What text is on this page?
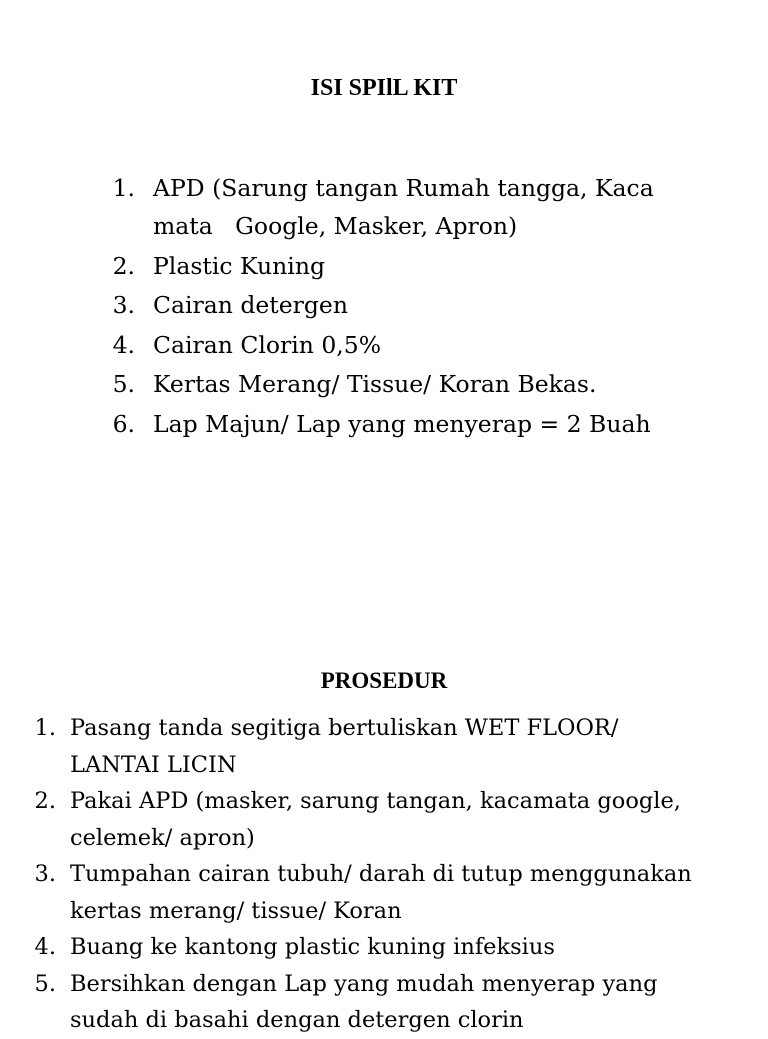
ISI SPIlL KIT
1. APD (Sarung tangan Rumah tangga, Kaca mata   Google, Masker, Apron)
2. Plastic Kuning
3. Cairan detergen
4. Cairan Clorin 0,5%
5. Kertas Merang/ Tissue/ Koran Bekas.
6. Lap Majun/ Lap yang menyerap = 2 Buah
PROSEDUR
1. Pasang tanda segitiga bertuliskan WET FLOOR/ LANTAI LICIN
2. Pakai APD (masker, sarung tangan, kacamata google, celemek/ apron)
3. Tumpahan cairan tubuh/ darah di tutup menggunakan kertas merang/ tissue/ Koran
4. Buang ke kantong plastic kuning infeksius
5. Bersihkan dengan Lap yang mudah menyerap yang sudah di basahi dengan detergen clorin
